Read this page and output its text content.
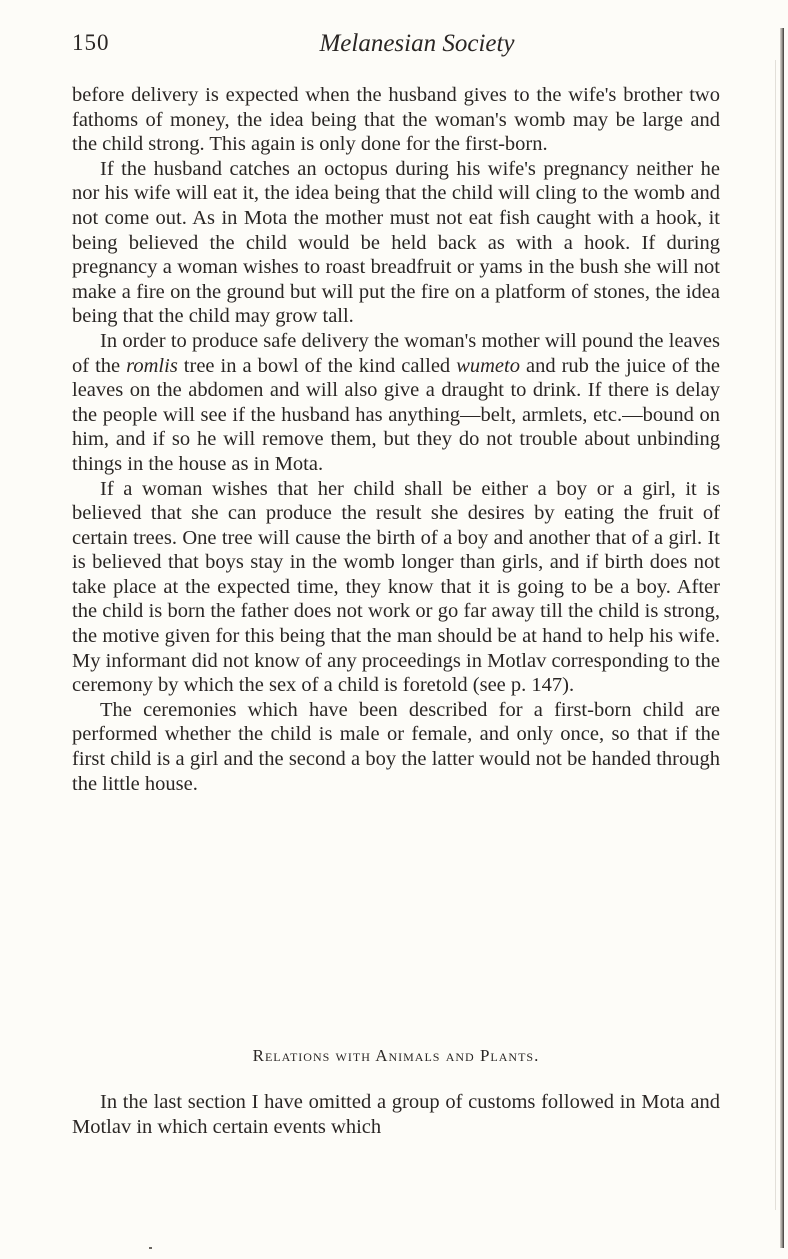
150	Melanesian Society

before delivery is expected when the husband gives to the wife's brother two fathoms of money, the idea being that the woman's womb may be large and the child strong. This again is only done for the first-born.

If the husband catches an octopus during his wife's pregnancy neither he nor his wife will eat it, the idea being that the child will cling to the womb and not come out. As in Mota the mother must not eat fish caught with a hook, it being believed the child would be held back as with a hook. If during pregnancy a woman wishes to roast breadfruit or yams in the bush she will not make a fire on the ground but will put the fire on a platform of stones, the idea being that the child may grow tall.

In order to produce safe delivery the woman's mother will pound the leaves of the romlis tree in a bowl of the kind called wumeto and rub the juice of the leaves on the abdomen and will also give a draught to drink. If there is delay the people will see if the husband has anything—belt, armlets, etc.—bound on him, and if so he will remove them, but they do not trouble about unbinding things in the house as in Mota.

If a woman wishes that her child shall be either a boy or a girl, it is believed that she can produce the result she desires by eating the fruit of certain trees. One tree will cause the birth of a boy and another that of a girl. It is believed that boys stay in the womb longer than girls, and if birth does not take place at the expected time, they know that it is going to be a boy. After the child is born the father does not work or go far away till the child is strong, the motive given for this being that the man should be at hand to help his wife. My informant did not know of any proceedings in Motlav corresponding to the ceremony by which the sex of a child is foretold (see p. 147).

The ceremonies which have been described for a first-born child are performed whether the child is male or female, and only once, so that if the first child is a girl and the second a boy the latter would not be handed through the little house.

Relations with Animals and Plants.

In the last section I have omitted a group of customs followed in Mota and Motlav in which certain events which
